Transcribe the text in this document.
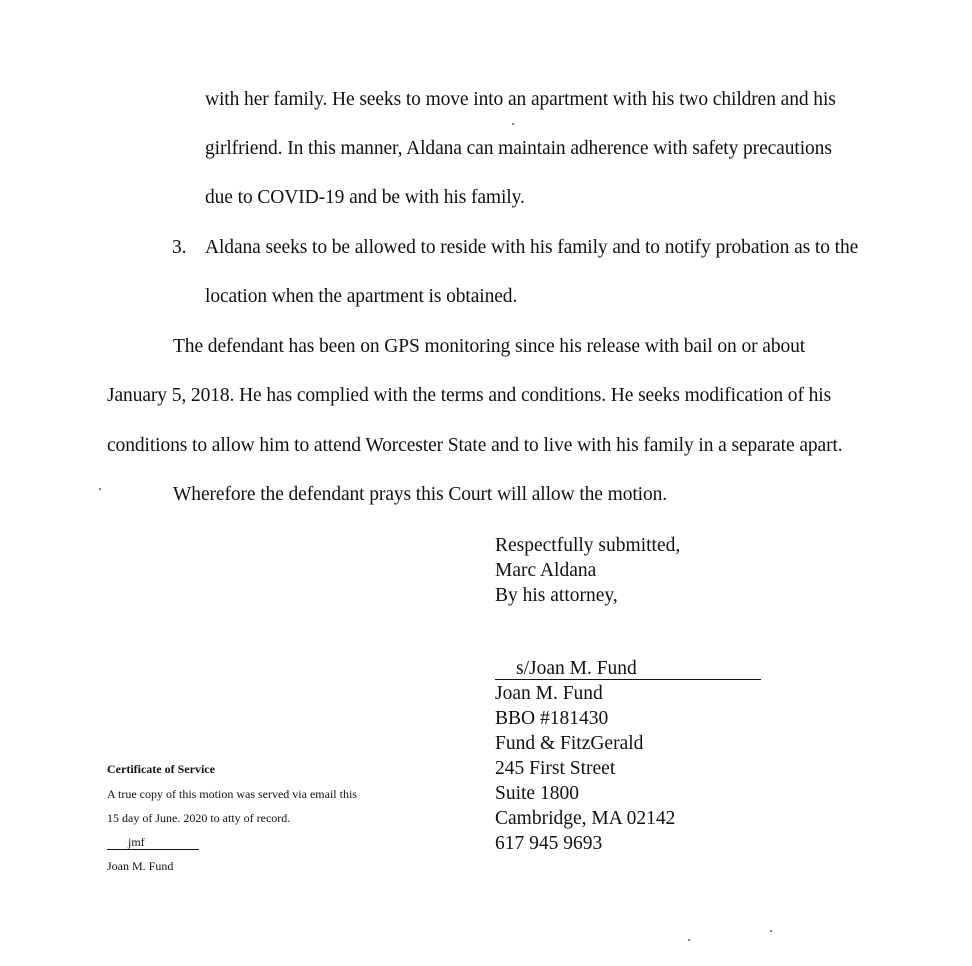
with her family. He seeks to move into an apartment with his two children and his
girlfriend. In this manner, Aldana can maintain adherence with safety precautions
due to COVID-19 and be with his family.
3. Aldana seeks to be allowed to reside with his family and to notify probation as to the
location when the apartment is obtained.
The defendant has been on GPS monitoring since his release with bail on or about
January 5, 2018. He has complied with the terms and conditions. He seeks modification of his
conditions to allow him to attend Worcester State and to live with his family in a separate apart.
Wherefore the defendant prays this Court will allow the motion.
Respectfully submitted,
Marc Aldana
By his attorney,
s/Joan M. Fund
Joan M. Fund
BBO #181430
Fund & FitzGerald
245 First Street
Suite 1800
Cambridge, MA 02142
617 945 9693
Certificate of Service
A true copy of this motion was served via email this
15 day of June. 2020 to atty of record.
jmf
Joan M. Fund
